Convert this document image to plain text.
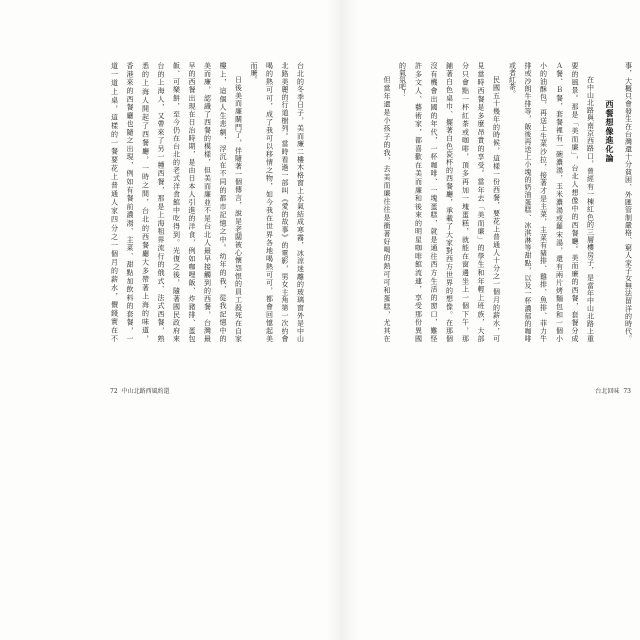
台北的冬季日子，美而廉二樓木格窗上水氣結成寒霧，冰涼迷離的玻璃窗外是中山
北路美麗的行道樹列。當時看過一部叫《愛的故事》的電影，男女主角第一次約會
喝的熱可可，成了我可以移情之物，如今我在世界各地喝熱可可，都會回憶起美
而廉。
日後美而廉關門了，伴隨著一個傳言，說是老闆被心懷怨恨的員工殺死在自家
樓上，這個人生悲劇，浮沉在不同的都市記憶之中。幼年的我，從我記憶中的
美而廉，認識了西餐的模樣，但美而廉並不是台北人最早接觸到的西餐，台灣最
早的西餐出現在日治時期，是由日本人引進的洋食，例如咖哩飯、炸豬排、蛋包
飯、可樂餅，至今仍在台北的老式洋食館中吃得到。光復之後，隨著國民政府來
台的上海人，又帶來了另一種西餐，那是上海租界流行的俄式、法式西餐，熟
悉的上海人開起了西餐廳，一時之間，台北的西餐廳大多帶著上海的味道，
香港來的西餐廳也隨之出現，例如有餐前濃湯、主菜、甜點加飲料的套餐，一
道一道上桌，這樣的一餐要花上普通人家四分之一個月的薪水，價錢實在不
72 中山北路西風約還
事，大概只會發生在台灣還十分貧困、外匯管制嚴格、窮人家子女無法留洋的時代。
西餐想像進化論
在中山北路與南京西路口，曾經有一棟紅色的三層樓房子，是當年中山北路上重
要的風景。那是「美而廉」，台北人想像中的西餐廳。美而廉的西餐，套餐分成
Ａ餐、Ｂ餐，套餐裡有一碗濃湯，玉米濃湯或羅宋湯，還有兩片烤麵包和一個小
小的油酥包，再送上生菜沙拉，接著才是主菜，主菜有豬排、雞排、魚排、菲力牛
排或沙朗牛排等，飯後再送上小塊的奶油蛋糕、冰淇淋等甜點，以及一杯濃郁的咖啡
或者紅茶。
民國五十幾年的時候，這樣一份西餐，要花上普通人十分之一個月的薪水，可
見當時西餐是多麼昂貴的享受。當年去「美而廉」的學生和年輕上班族，大部
分只會點一杯紅茶或咖啡，頂多再加一塊蛋糕，就能在窗邊坐上一個下午，那
鋪著白色桌巾、擺著白色瓷杯的西餐廳，承載了大家對西方世界的想像。在那個
沒有機會出國的年代，一杯咖啡、一塊蛋糕，就是通往西方生活的窗口，難怪
許多文人、藝術家，都喜歡在美而廉和後來的明星咖啡館流連，享受那份異國
的氣氛吧！
但當年還是小孩子的我，去美而廉往往是衝著好喝的熱可可和蛋糕，尤其在
台北回味 73
